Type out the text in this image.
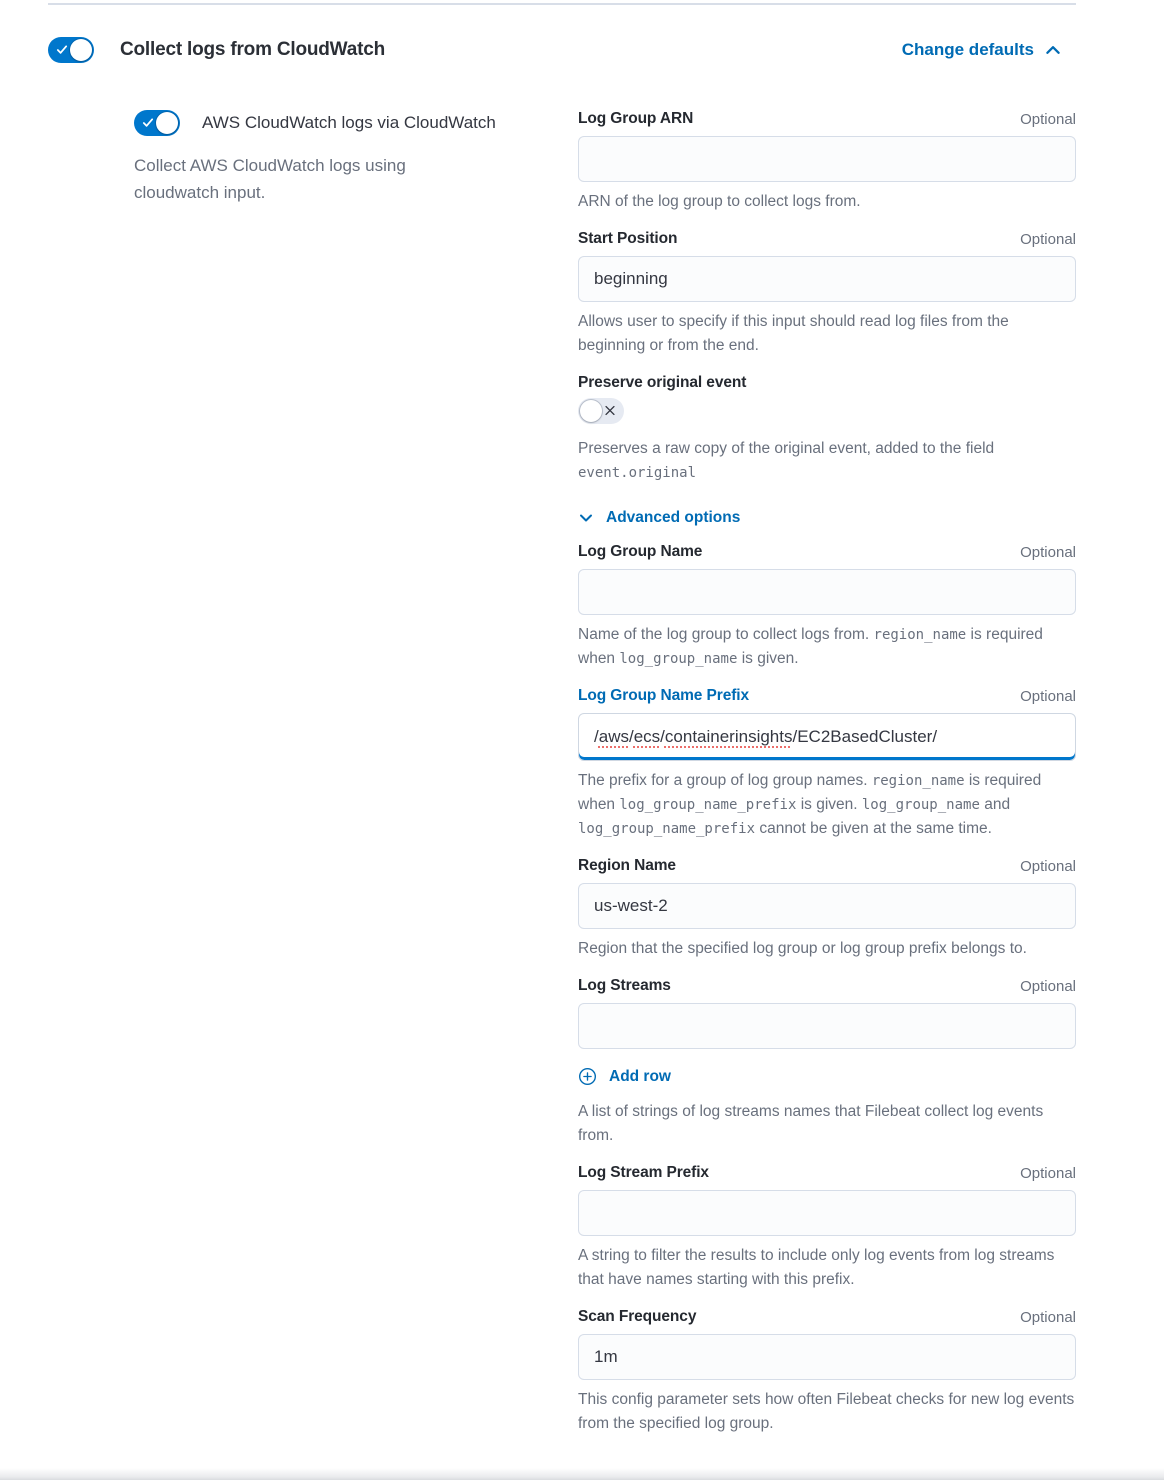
Collect logs from CloudWatch	Change defaults
AWS CloudWatch logs via CloudWatch

Collect AWS CloudWatch logs using cloudwatch input.

Log Group ARN	Optional
ARN of the log group to collect logs from.
Start Position	Optional
beginning
Allows user to specify if this input should read log files from the beginning or from the end.
Preserve original event
Preserves a raw copy of the original event, added to the field event.original
Advanced options
Log Group Name	Optional
Name of the log group to collect logs from. region_name is required when log_group_name is given.
Log Group Name Prefix	Optional
/aws/ecs/containerinsights/EC2BasedCluster/
The prefix for a group of log group names. region_name is required when log_group_name_prefix is given. log_group_name and log_group_name_prefix cannot be given at the same time.
Region Name	Optional
us-west-2
Region that the specified log group or log group prefix belongs to.
Log Streams	Optional
Add row
A list of strings of log streams names that Filebeat collect log events from.
Log Stream Prefix	Optional
A string to filter the results to include only log events from log streams that have names starting with this prefix.
Scan Frequency	Optional
1m
This config parameter sets how often Filebeat checks for new log events from the specified log group.
